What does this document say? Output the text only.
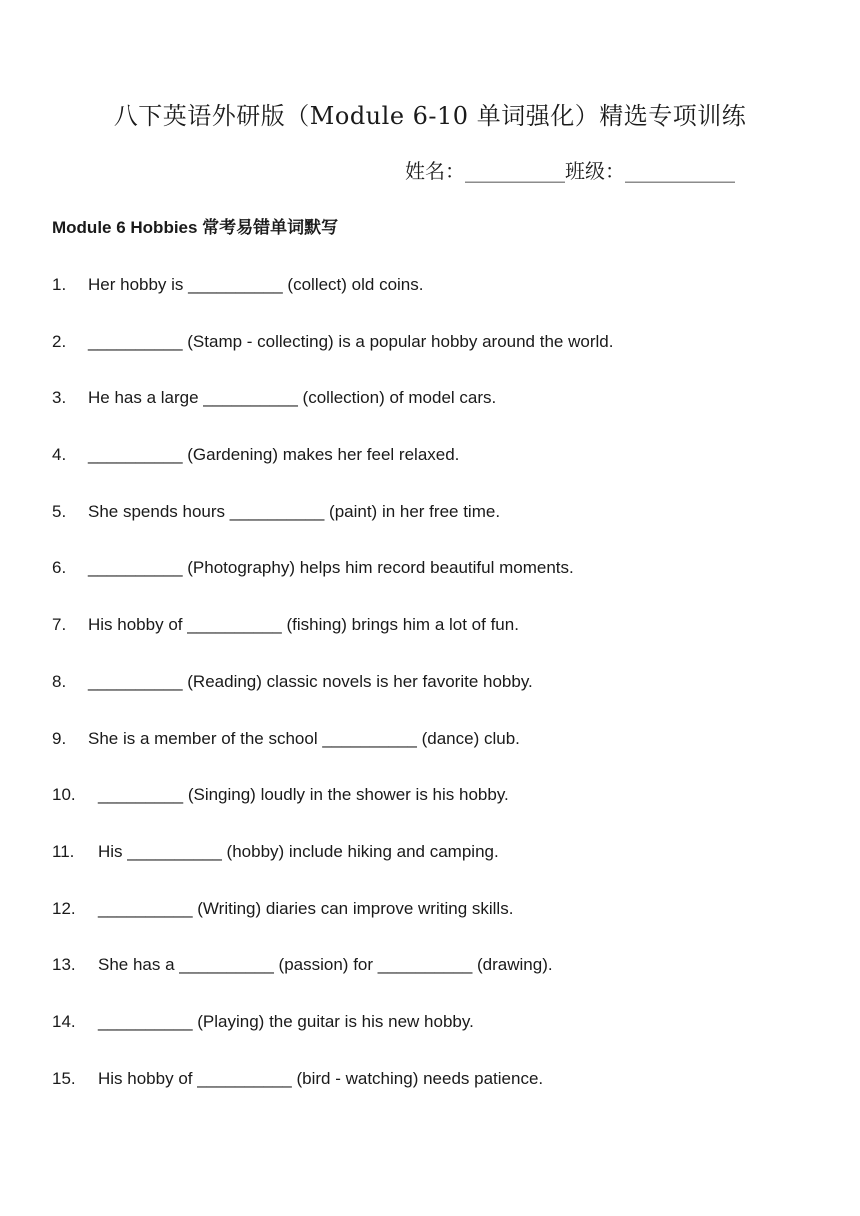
八下英语外研版（Module 6-10 单词强化）精选专项训练
姓名：__________班级：___________
Module 6 Hobbies 常考易错单词默写
1.	Her hobby is __________ (collect) old coins.
2.	__________ (Stamp - collecting) is a popular hobby around the world.
3.	He has a large __________ (collection) of model cars.
4.	__________ (Gardening) makes her feel relaxed.
5.	She spends hours __________ (paint) in her free time.
6.	__________ (Photography) helps him record beautiful moments.
7.	His hobby of __________ (fishing) brings him a lot of fun.
8.	__________ (Reading) classic novels is her favorite hobby.
9.	She is a member of the school __________ (dance) club.
10.	_________ (Singing) loudly in the shower is his hobby.
11.	His __________ (hobby) include hiking and camping.
12.	__________ (Writing) diaries can improve writing skills.
13.	She has a __________ (passion) for __________ (drawing).
14.	__________ (Playing) the guitar is his new hobby.
15.	His hobby of __________ (bird - watching) needs patience.
